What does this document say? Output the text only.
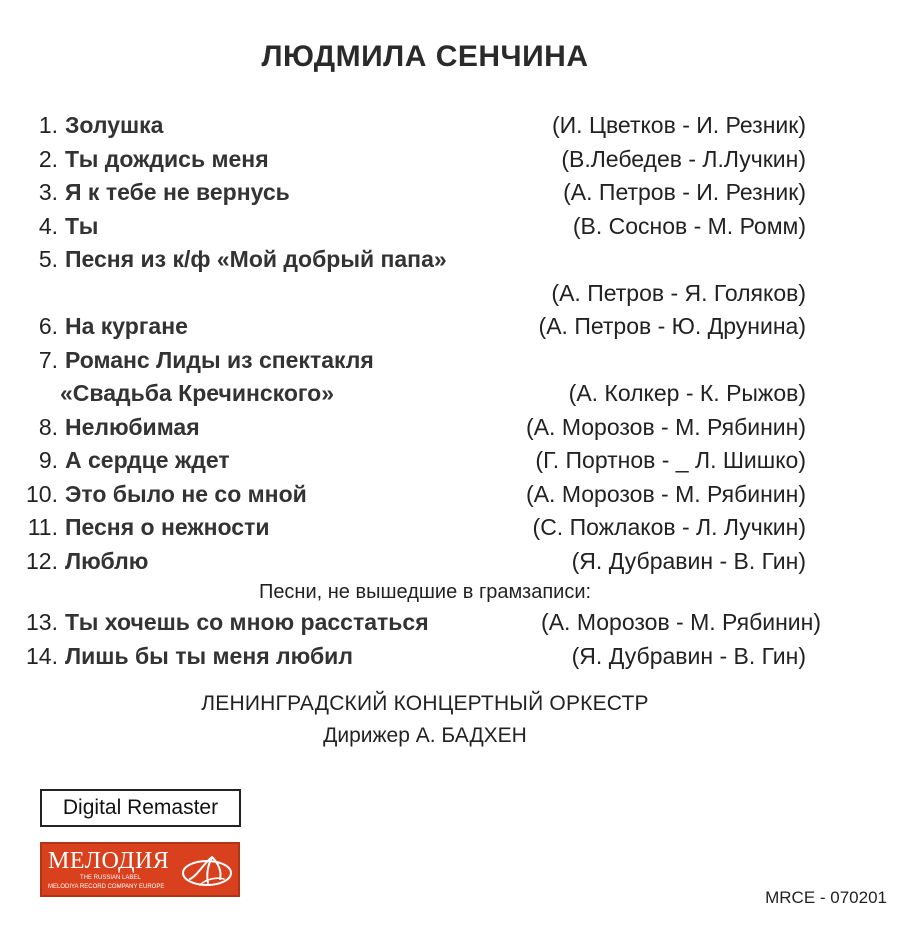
ЛЮДМИЛА СЕНЧИНА
1. Золушка	(И. Цветков - И. Резник)
2. Ты дождись меня	(В.Лебедев - Л.Лучкин)
3. Я к тебе не вернусь	(А. Петров - И. Резник)
4. Ты	(В. Соснов - М. Ромм)
5. Песня из к/ф «Мой добрый папа»
(А. Петров - Я. Голяков)
6. На кургане	(А. Петров - Ю. Друнина)
7. Романс Лиды из спектакля
«Свадьба Кречинского»	(А. Колкер - К. Рыжов)
8. Нелюбимая	(А. Морозов - М. Рябинин)
9. А сердце ждет	(Г. Портнов - _ Л. Шишко)
10. Это было не со мной	(А. Морозов - М. Рябинин)
11. Песня о нежности	(С. Пожлаков - Л. Лучкин)
12. Люблю	(Я. Дубравин - В. Гин)
Песни, не вышедшие в грамзаписи:
13. Ты хочешь со мною расстаться	(А. Морозов - М. Рябинин)
14. Лишь бы ты меня любил	(Я. Дубравин - В. Гин)
ЛЕНИНГРАДСКИЙ КОНЦЕРТНЫЙ ОРКЕСТР
Дирижер А. БАДХЕН
Digital Remaster
МЕЛОДИЯ
THE RUSSIAN LABEL
MELODIYA RECORD COMPANY EUROPE
MRCE - 070201
